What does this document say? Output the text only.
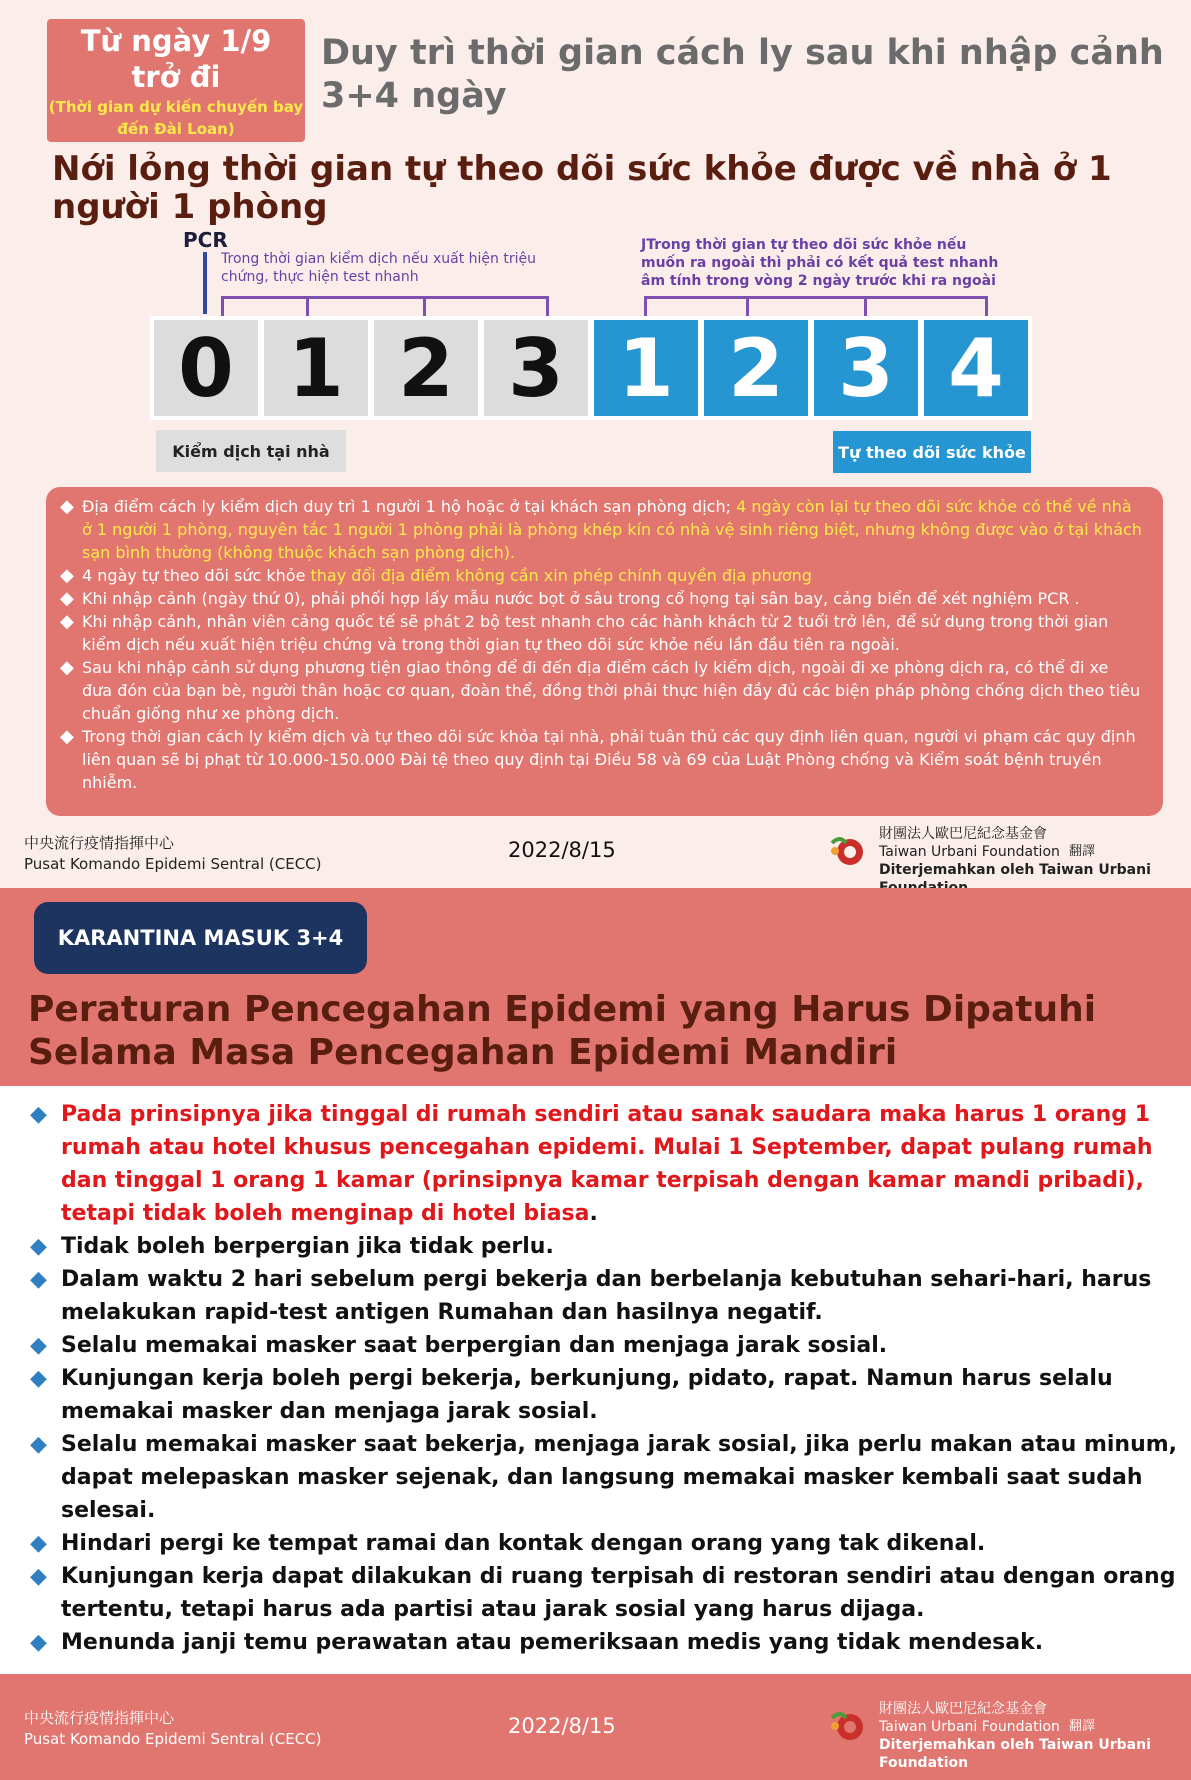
Từ ngày 1/9
trở đi
(Thời gian dự kiến chuyến bay đến Đài Loan)
Duy trì thời gian cách ly sau khi nhập cảnh 3+4 ngày
Nới lỏng thời gian tự theo dõi sức khỏe được về nhà ở 1 người 1 phòng
PCR
Trong thời gian kiểm dịch nếu xuất hiện triệu chứng, thực hiện test nhanh
JTrong thời gian tự theo dõi sức khỏe nếu muốn ra ngoài thì phải có kết quả test nhanh âm tính trong vòng 2 ngày trước khi ra ngoài
0 1 2 3 1 2 3 4
Kiểm dịch tại nhà	Tự theo dõi sức khỏe
◆ Địa điểm cách ly kiểm dịch duy trì 1 người 1 hộ hoặc ở tại khách sạn phòng dịch; 4 ngày còn lại tự theo dõi sức khỏe có thể về nhà ở 1 người 1 phòng, nguyên tắc 1 người 1 phòng phải là phòng khép kín có nhà vệ sinh riêng biệt, nhưng không được vào ở tại khách sạn bình thường (không thuộc khách sạn phòng dịch).
◆ 4 ngày tự theo dõi sức khỏe thay đổi địa điểm không cần xin phép chính quyền địa phương
◆ Khi nhập cảnh (ngày thứ 0), phải phối hợp lấy mẫu nước bọt ở sâu trong cổ họng tại sân bay, cảng biển để xét nghiệm PCR .
◆ Khi nhập cảnh, nhân viên cảng quốc tế sẽ phát 2 bộ test nhanh cho các hành khách từ 2 tuổi trở lên, để sử dụng trong thời gian kiểm dịch nếu xuất hiện triệu chứng và trong thời gian tự theo dõi sức khỏe nếu lần đầu tiên ra ngoài.
◆ Sau khi nhập cảnh sử dụng phương tiện giao thông để đi đến địa điểm cách ly kiểm dịch, ngoài đi xe phòng dịch ra, có thể đi xe đưa đón của bạn bè, người thân hoặc cơ quan, đoàn thể, đồng thời phải thực hiện đầy đủ các biện pháp phòng chống dịch theo tiêu chuẩn giống như xe phòng dịch.
◆ Trong thời gian cách ly kiểm dịch và tự theo dõi sức khỏa tại nhà, phải tuân thủ các quy định liên quan, người vi phạm các quy định liên quan sẽ bị phạt từ 10.000-150.000 Đài tệ theo quy định tại Điều 58 và 69 của Luật Phòng chống và Kiểm soát bệnh truyền nhiễm.
中央流行疫情指揮中心
Pusat Komando Epidemi Sentral (CECC)
2022/8/15
財團法人歐巴尼紀念基金會
Taiwan Urbani Foundation
Diterjemahkan oleh Taiwan Urbani
翻譯
KARANTINA MASUK 3+4
Peraturan Pencegahan Epidemi yang Harus Dipatuhi Selama Masa Pencegahan Epidemi Mandiri
◆ Pada prinsipnya jika tinggal di rumah sendiri atau sanak saudara maka harus 1 orang 1 rumah atau hotel khusus pencegahan epidemi. Mulai 1 September, dapat pulang rumah dan tinggal 1 orang 1 kamar (prinsipnya kamar terpisah dengan kamar mandi pribadi), tetapi tidak boleh menginap di hotel biasa.
◆ Tidak boleh berpergian jika tidak perlu.
◆ Dalam waktu 2 hari sebelum pergi bekerja dan berbelanja kebutuhan sehari-hari, harus melakukan rapid-test antigen Rumahan dan hasilnya negatif.
◆ Selalu memakai masker saat berpergian dan menjaga jarak sosial.
◆ Kunjungan kerja boleh pergi bekerja, berkunjung, pidato, rapat. Namun harus selalu memakai masker dan menjaga jarak sosial.
◆ Selalu memakai masker saat bekerja, menjaga jarak sosial, jika perlu makan atau minum, dapat melepaskan masker sejenak, dan langsung memakai masker kembali saat sudah selesai.
◆ Hindari pergi ke tempat ramai dan kontak dengan orang yang tak dikenal.
◆ Kunjungan kerja dapat dilakukan di ruang terpisah di restoran sendiri atau dengan orang tertentu, tetapi harus ada partisi atau jarak sosial yang harus dijaga.
◆ Menunda janji temu perawatan atau pemeriksaan medis yang tidak mendesak.
中央流行疫情指揮中心
Pusat Komando Epidemi Sentral (CECC)
2022/8/15
財團法人歐巴尼紀念基金會
Taiwan Urbani Foundation
Diterjemahkan oleh Taiwan Urbani Foundation
翻譯
